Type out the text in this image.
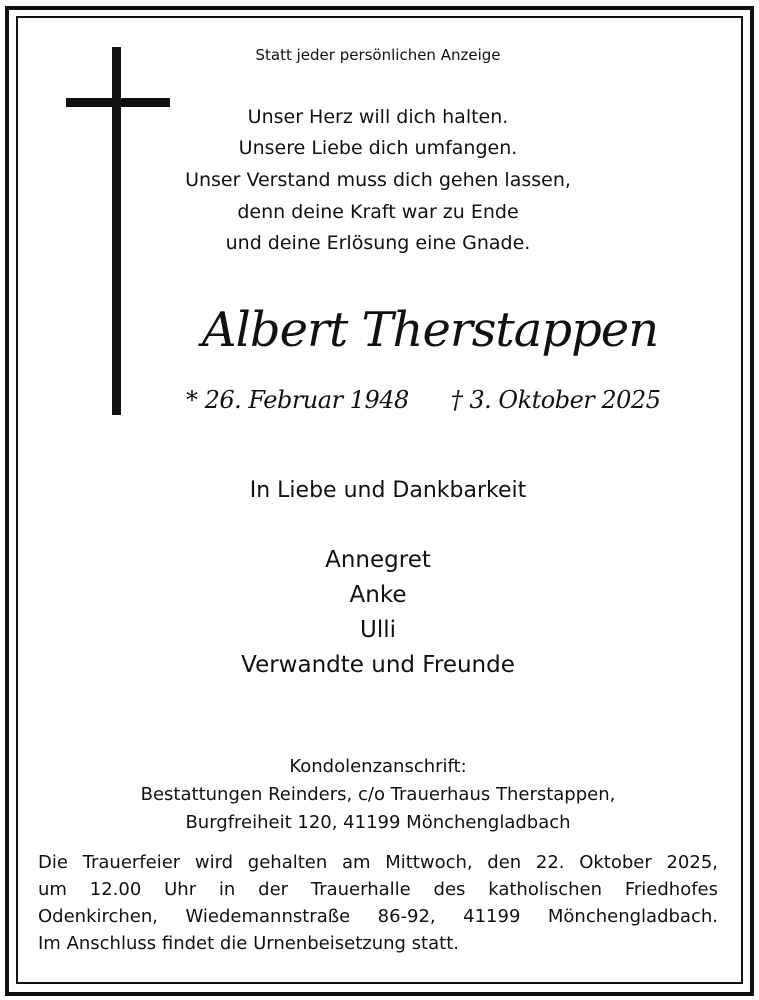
Statt jeder persönlichen Anzeige
Unser Herz will dich halten.
Unsere Liebe dich umfangen.
Unser Verstand muss dich gehen lassen,
denn deine Kraft war zu Ende
und deine Erlösung eine Gnade.
Albert Therstappen
* 26. Februar 1948 † 3. Oktober 2025
In Liebe und Dankbarkeit
Annegret
Anke
Ulli
Verwandte und Freunde
Kondolenzanschrift:
Bestattungen Reinders, c/o Trauerhaus Therstappen,
Burgfreiheit 120, 41199 Mönchengladbach
Die Trauerfeier wird gehalten am Mittwoch, den 22. Oktober 2025,
um 12.00 Uhr in der Trauerhalle des katholischen Friedhofes
Odenkirchen, Wiedemannstraße 86-92, 41199 Mönchengladbach.
Im Anschluss findet die Urnenbeisetzung statt.
